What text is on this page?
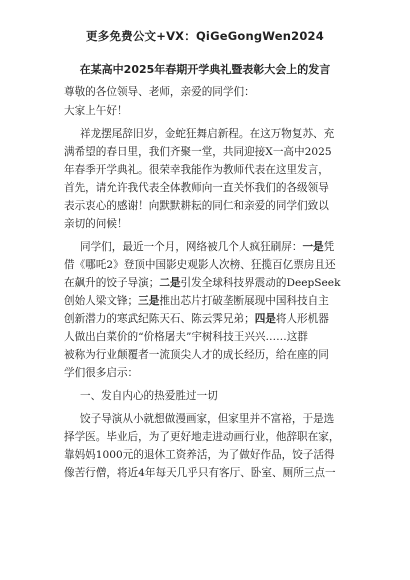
更多免费公文+VX：QiGeGongWen2024
在某高中2025年春期开学典礼暨表彰大会上的发言
尊敬的各位领导、老师，亲爱的同学们：
大家上午好！
祥龙摆尾辞旧岁，金蛇狂舞启新程。在这万物复苏、充
满希望的春日里，我们齐聚一堂，共同迎接X一高中2025
年春季开学典礼。很荣幸我能作为教师代表在这里发言，
首先，请允许我代表全体教师向一直关怀我们的各级领导
表示衷心的感谢！向默默耕耘的同仁和亲爱的同学们致以
亲切的问候！
同学们，最近一个月，网络被几个人疯狂刷屏：一是凭
借《哪吒2》登顶中国影史观影人次榜、狂揽百亿票房且还
在飙升的饺子导演；二是引发全球科技界震动的DeepSeek
创始人梁文锋；三是推出芯片打破垄断展现中国科技自主
创新潜力的寒武纪陈天石、陈云霁兄弟；四是将人形机器
人做出白菜价的“价格屠夫”宇树科技王兴兴……这群
被称为行业颠覆者一流顶尖人才的成长经历，给在座的同
学们很多启示：
一、发自内心的热爱胜过一切
饺子导演从小就想做漫画家，但家里并不富裕，于是选
择学医。毕业后，为了更好地走进动画行业，他辞职在家，
靠妈妈1000元的退休工资养活，为了做好作品，饺子活得
像苦行僧，将近4年每天几乎只有客厅、卧室、厕所三点一
